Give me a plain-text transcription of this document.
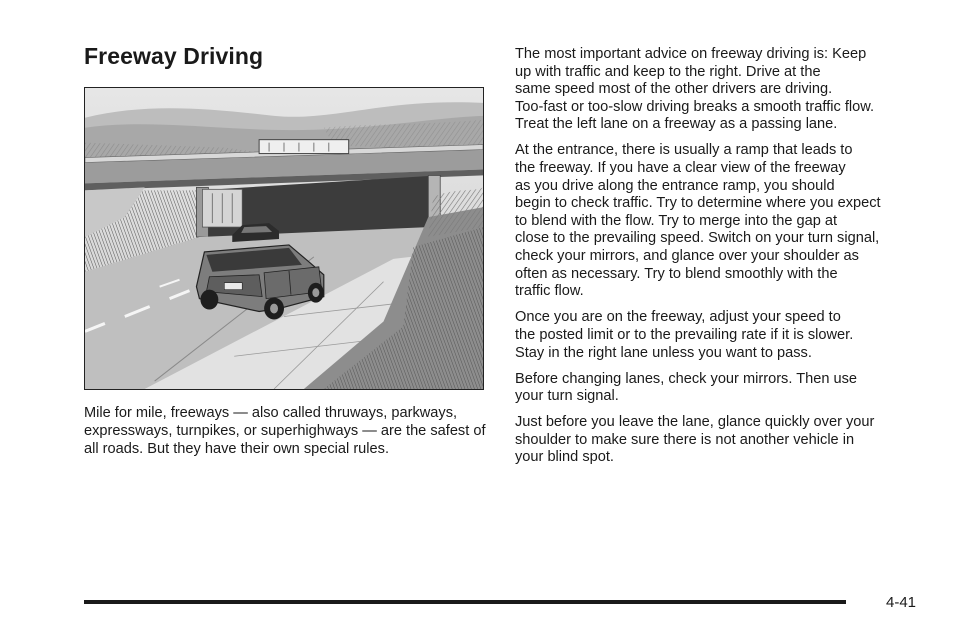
Freeway Driving

Mile for mile, freeways — also called thruways, parkways, expressways, turnpikes, or superhighways — are the safest of all roads. But they have their own special rules.

The most important advice on freeway driving is: Keep
up with traffic and keep to the right. Drive at the
same speed most of the other drivers are driving.
Too-fast or too-slow driving breaks a smooth traffic flow.
Treat the left lane on a freeway as a passing lane.

At the entrance, there is usually a ramp that leads to
the freeway. If you have a clear view of the freeway
as you drive along the entrance ramp, you should
begin to check traffic. Try to determine where you expect
to blend with the flow. Try to merge into the gap at
close to the prevailing speed. Switch on your turn signal,
check your mirrors, and glance over your shoulder as
often as necessary. Try to blend smoothly with the
traffic flow.

Once you are on the freeway, adjust your speed to
the posted limit or to the prevailing rate if it is slower.
Stay in the right lane unless you want to pass.

Before changing lanes, check your mirrors. Then use
your turn signal.

Just before you leave the lane, glance quickly over your
shoulder to make sure there is not another vehicle in
your blind spot.

4-41
